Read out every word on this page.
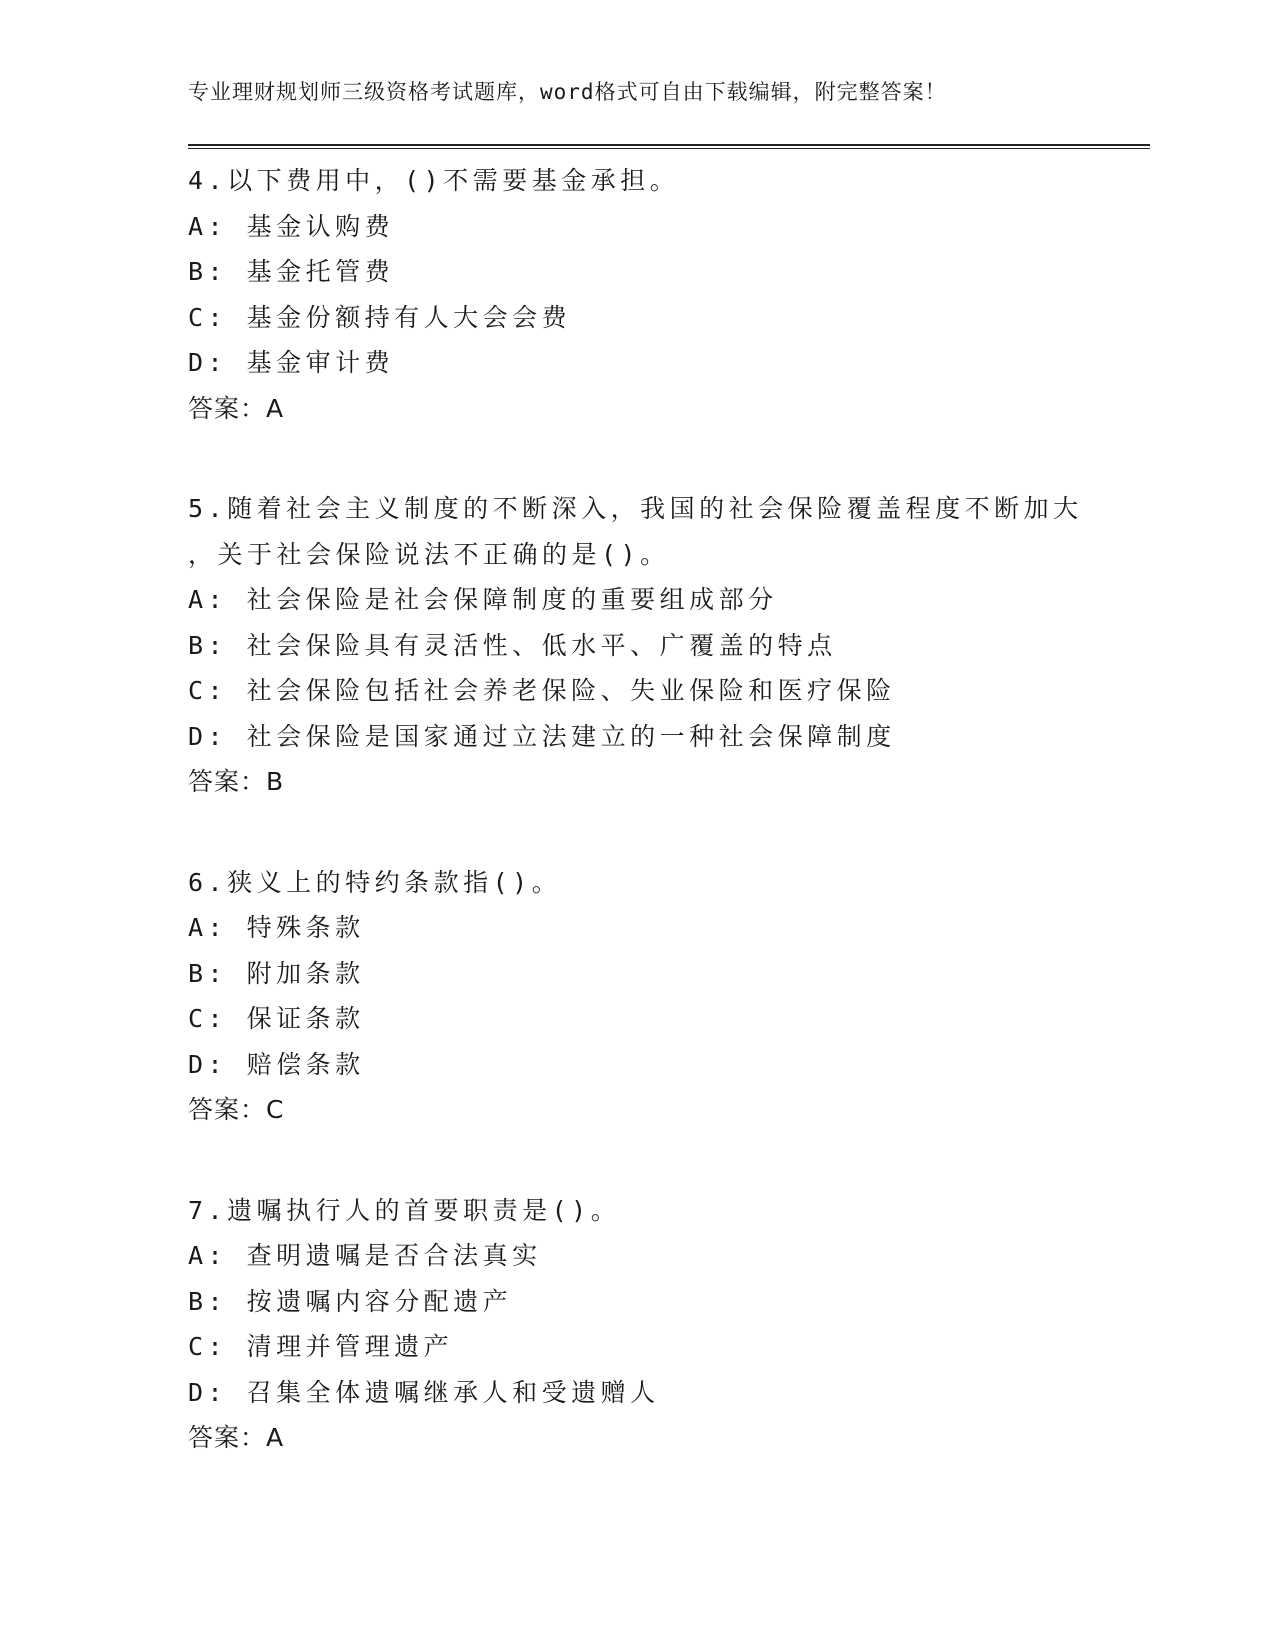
专业理财规划师三级资格考试题库，word格式可自由下载编辑，附完整答案！
4.以下费用中，()不需要基金承担。
A: 基金认购费
B: 基金托管费
C: 基金份额持有人大会会费
D: 基金审计费
答案：A
5.随着社会主义制度的不断深入，我国的社会保险覆盖程度不断加大
，关于社会保险说法不正确的是()。
A: 社会保险是社会保障制度的重要组成部分
B: 社会保险具有灵活性、低水平、广覆盖的特点
C: 社会保险包括社会养老保险、失业保险和医疗保险
D: 社会保险是国家通过立法建立的一种社会保障制度
答案：B
6.狭义上的特约条款指()。
A: 特殊条款
B: 附加条款
C: 保证条款
D: 赔偿条款
答案：C
7.遗嘱执行人的首要职责是()。
A: 查明遗嘱是否合法真实
B: 按遗嘱内容分配遗产
C: 清理并管理遗产
D: 召集全体遗嘱继承人和受遗赠人
答案：A
